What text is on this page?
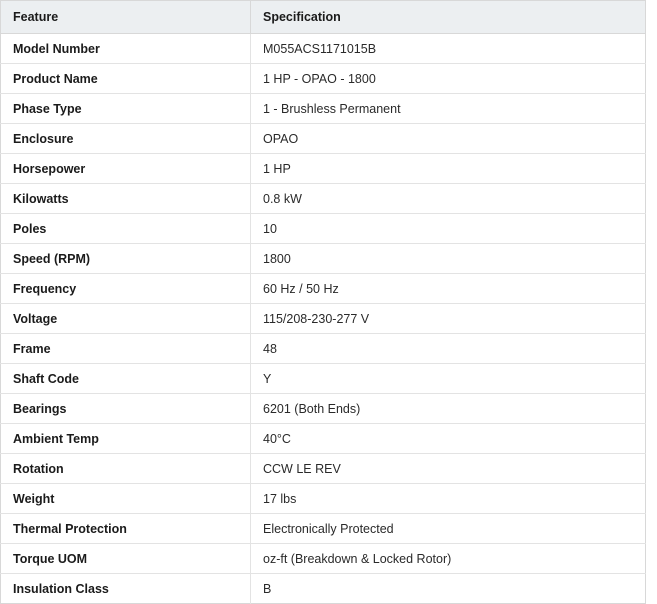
Feature	Specification
Model Number	M055ACS1171015B
Product Name	1 HP - OPAO - 1800
Phase Type	1 - Brushless Permanent
Enclosure	OPAO
Horsepower	1 HP
Kilowatts	0.8 kW
Poles	10
Speed (RPM)	1800
Frequency	60 Hz / 50 Hz
Voltage	115/208-230-277 V
Frame	48
Shaft Code	Y
Bearings	6201 (Both Ends)
Ambient Temp	40°C
Rotation	CCW LE REV
Weight	17 lbs
Thermal Protection	Electronically Protected
Torque UOM	oz-ft (Breakdown & Locked Rotor)
Insulation Class	B
